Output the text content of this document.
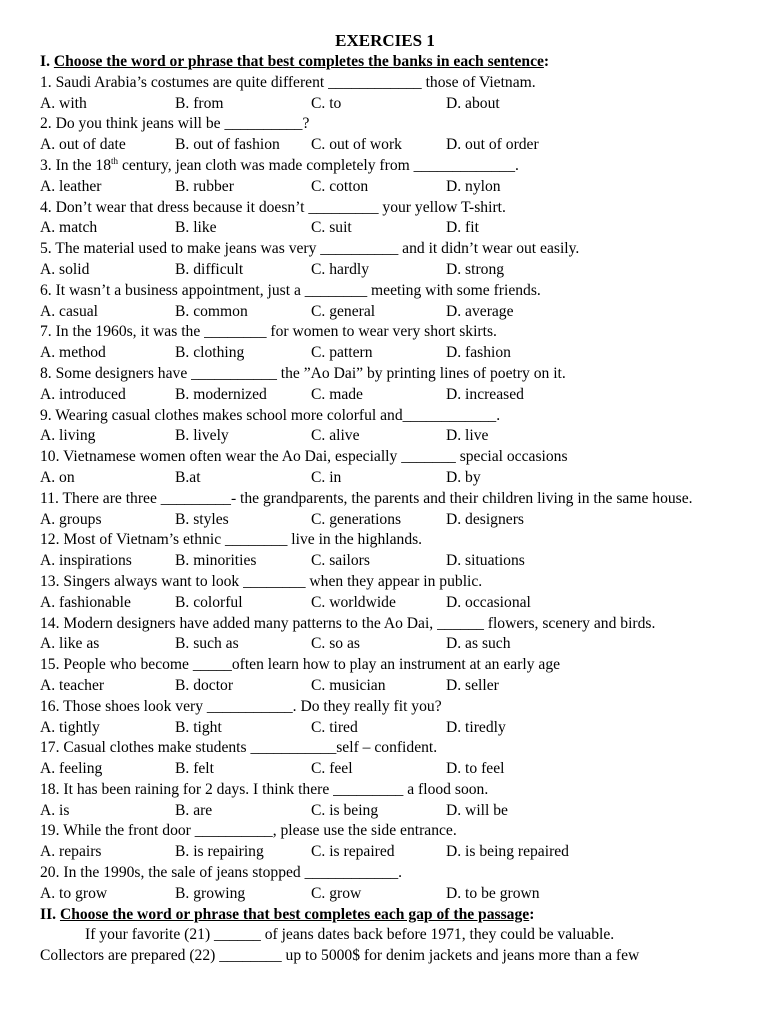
EXERCIES 1
I. Choose the word or phrase that best completes the banks in each sentence:
1. Saudi Arabia’s costumes are quite different ____________ those of Vietnam.
A. with	B. from	C. to	D. about
2. Do you think jeans will be __________?
A. out of date	B. out of fashion C. out of work	D. out of order
3. In the 18th century, jean cloth was made completely from _____________.
A. leather	B. rubber	C. cotton	D. nylon
4. Don’t wear that dress because it doesn’t _________ your yellow T-shirt.
A. match	B. like	C. suit	D. fit
5. The material used to make jeans was very __________ and it didn’t wear out easily.
A. solid	B. difficult	C. hardly	D. strong
6. It wasn’t a business appointment, just a ________ meeting with some friends.
A. casual	B. common	C. general	D. average
7. In the 1960s, it was the ________ for women to wear very short skirts.
A. method	B. clothing	C. pattern	D. fashion
8. Some designers have ___________ the ”Ao Dai” by printing lines of poetry on it.
A. introduced	B. modernized	C. made	D. increased
9. Wearing casual clothes makes school more colorful and____________.
A. living	B. lively	C. alive	D. live
10. Vietnamese women often wear the Ao Dai, especially _______ special occasions
A. on	B.at	C. in	D. by
11. There are three _________- the grandparents, the parents and their children living in the same house.
A. groups	B. styles	C. generations	D. designers
12. Most of Vietnam’s ethnic ________ live in the highlands.
A. inspirations	B. minorities	C. sailors	D. situations
13. Singers always want to look ________ when they appear in public.
A. fashionable	B. colorful	C. worldwide	D. occasional
14. Modern designers have added many patterns to the Ao Dai, ______ flowers, scenery and birds.
A. like as	B. such as	C. so as	D. as such
15. People who become _____often learn how to play an instrument at an early age
A. teacher	B. doctor	C. musician	D. seller
16. Those shoes look very ___________. Do they really fit you?
A. tightly	B. tight	C. tired	D. tiredly
17. Casual clothes make students ___________self – confident.
A. feeling	B. felt	C. feel	D. to feel
18. It has been raining for 2 days. I think there _________ a flood soon.
A. is	B. are	C. is being	D. will be
19. While the front door __________, please use the side entrance.
A. repairs	B. is repairing	C. is repaired	D. is being repaired
20. In the 1990s, the sale of jeans stopped ____________.
A. to grow	B. growing	C. grow	D. to be grown
II. Choose the word or phrase that best completes each gap of the passage:
If your favorite (21) ______ of jeans dates back before 1971, they could be valuable.
Collectors are prepared (22) ________ up to 5000$ for denim jackets and jeans more than a few
